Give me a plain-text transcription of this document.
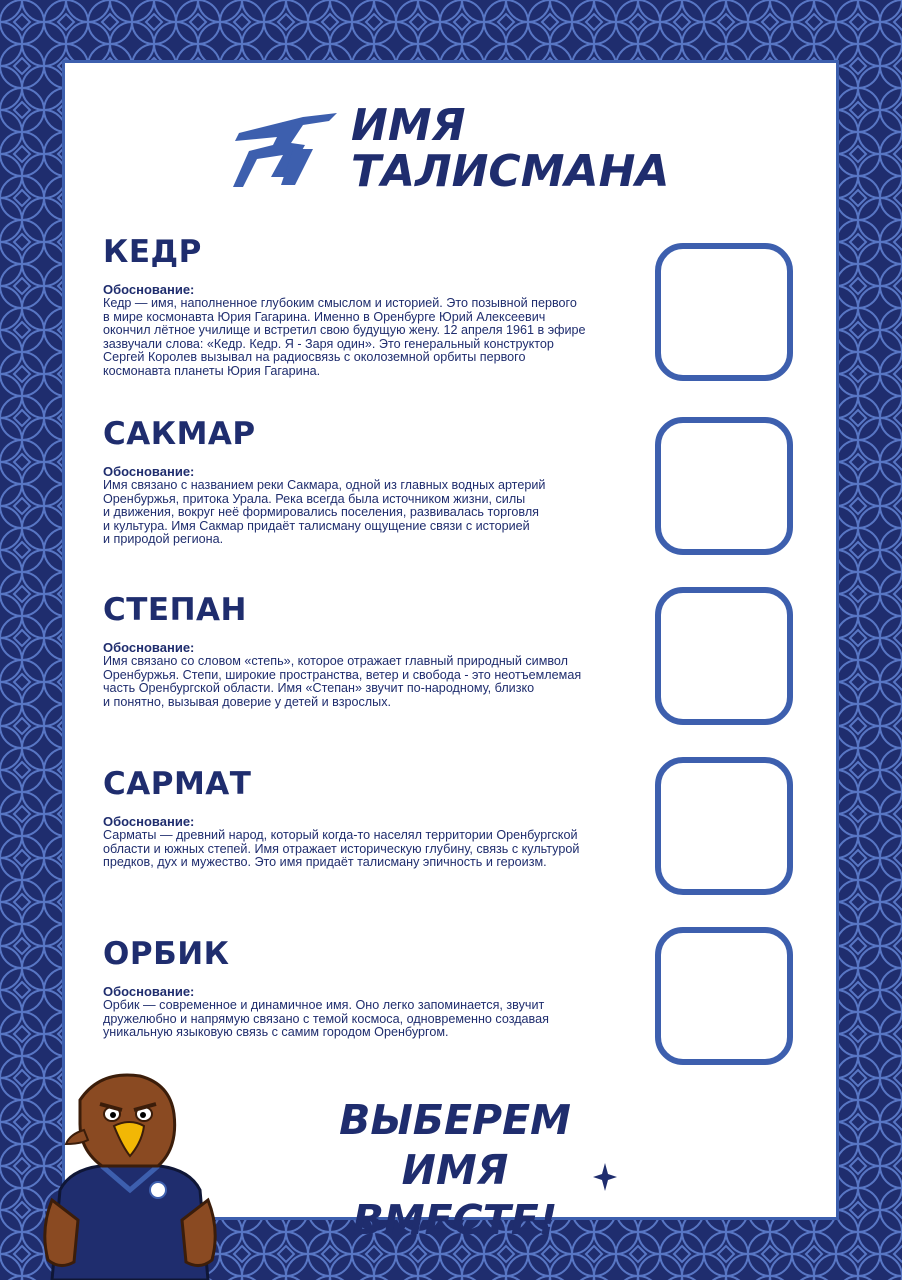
ИМЯ
ТАЛИСМАНА
КЕДР
Обоснование:
Кедр — имя, наполненное глубоким смыслом и историей. Это позывной первого
в мире космонавта Юрия Гагарина. Именно в Оренбурге Юрий Алексеевич
окончил лётное училище и встретил свою будущую жену. 12 апреля 1961 в эфире
зазвучали слова: «Кедр. Кедр. Я - Заря один». Это генеральный конструктор
Сергей Королев вызывал на радиосвязь с околоземной орбиты первого
космонавта планеты Юрия Гагарина.
САКМАР
Обоснование:
Имя связано с названием реки Сакмара, одной из главных водных артерий
Оренбуржья, притока Урала. Река всегда была источником жизни, силы
и движения, вокруг неё формировались поселения, развивалась торговля
и культура. Имя Сакмар придаёт талисману ощущение связи с историей
и природой региона.
СТЕПАН
Обоснование:
Имя связано со словом «степь», которое отражает главный природный символ
Оренбуржья. Степи, широкие пространства, ветер и свобода - это неотъемлемая
часть Оренбургской области. Имя «Степан» звучит по-народному, близко
и понятно, вызывая доверие у детей и взрослых.
САРМАТ
Обоснование:
Сарматы — древний народ, который когда-то населял территории Оренбургской
области и южных степей. Имя отражает историческую глубину, связь с культурой
предков, дух и мужество. Это имя придаёт талисману эпичность и героизм.
ОРБИК
Обоснование:
Орбик — современное и динамичное имя. Оно легко запоминается, звучит
дружелюбно и напрямую связано с темой космоса, одновременно создавая
уникальную языковую связь с самим городом Оренбургом.
ВЫБЕРЕМ
ИМЯ ВМЕСТЕ!
